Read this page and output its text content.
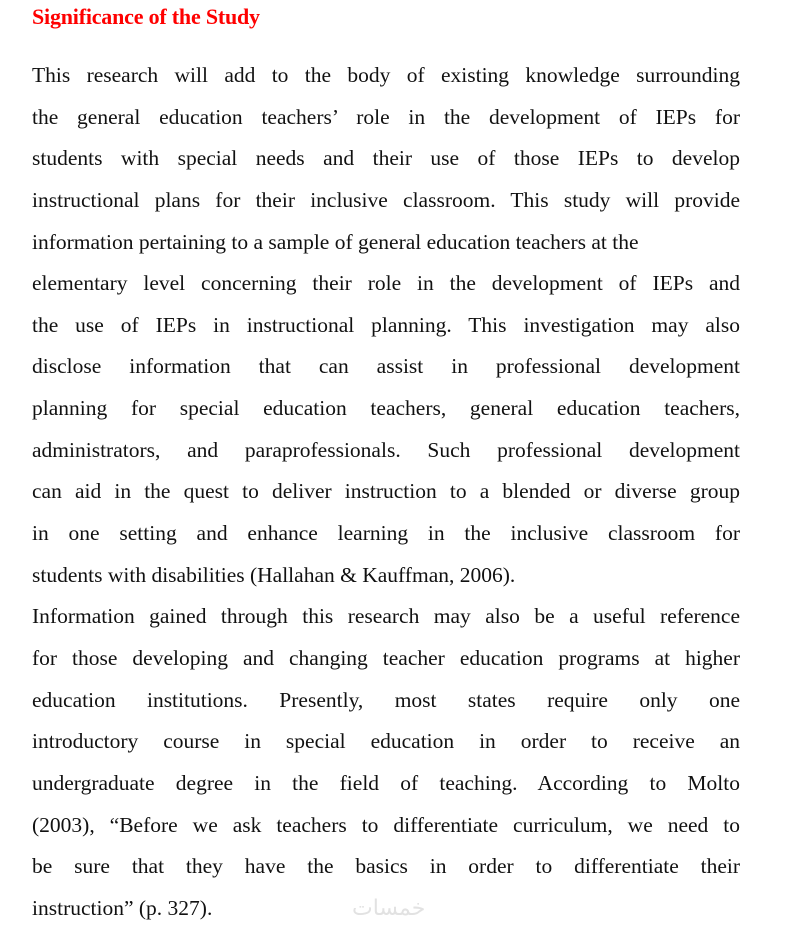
Significance of the Study
This research will add to the body of existing knowledge surrounding
the general education teachers’ role in the development of IEPs for
students with special needs and their use of those IEPs to develop
instructional plans for their inclusive classroom. This study will provide
information pertaining to a sample of general education teachers at the
elementary level concerning their role in the development of IEPs and
the use of IEPs in instructional planning. This investigation may also
disclose information that can assist in professional development
planning for special education teachers, general education teachers,
administrators, and paraprofessionals. Such professional development
can aid in the quest to deliver instruction to a blended or diverse group
in one setting and enhance learning in the inclusive classroom for
students with disabilities (Hallahan & Kauffman, 2006).
Information gained through this research may also be a useful reference
for those developing and changing teacher education programs at higher
education institutions. Presently, most states require only one
introductory course in special education in order to receive an
undergraduate degree in the field of teaching. According to Molto
(2003), “Before we ask teachers to differentiate curriculum, we need to
be sure that they have the basics in order to differentiate their
instruction” (p. 327).	خمسات
